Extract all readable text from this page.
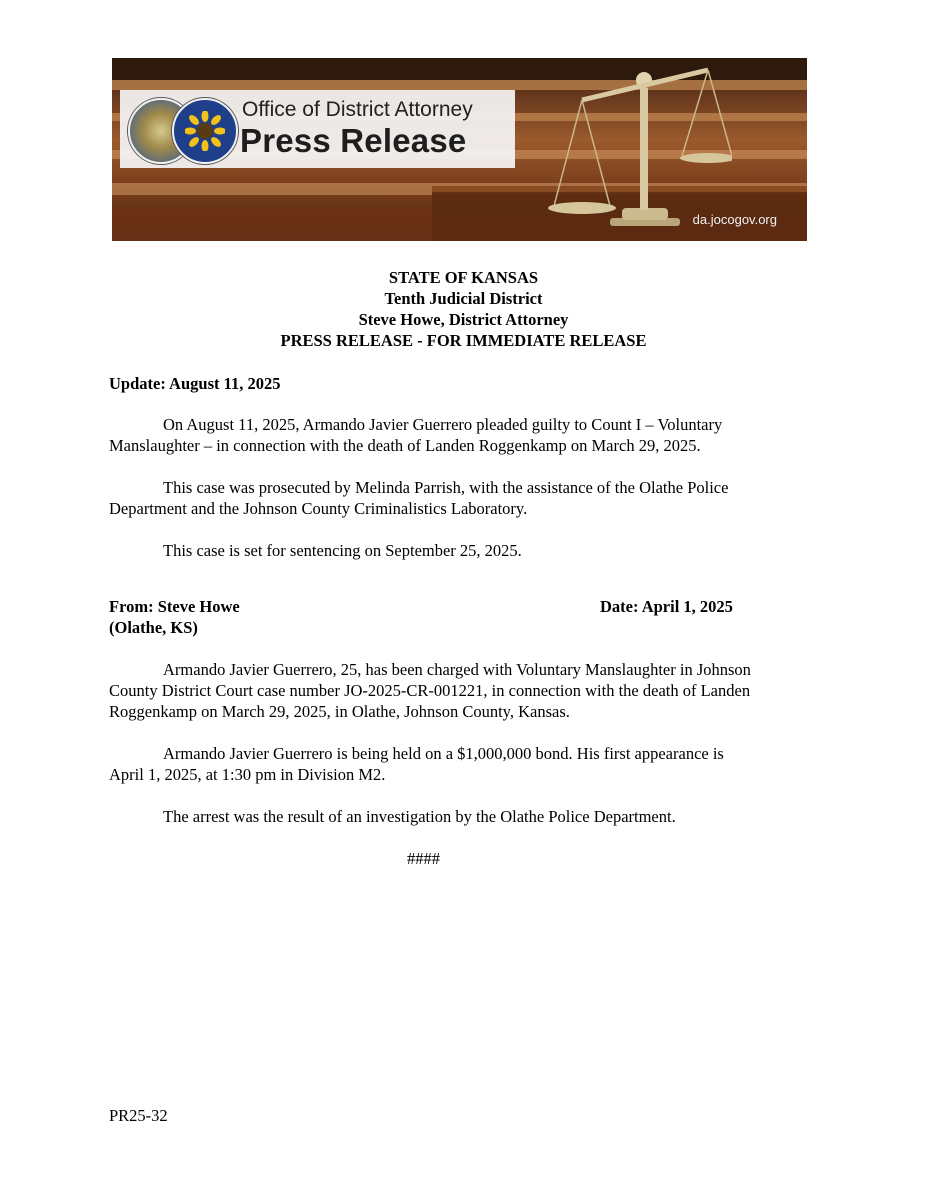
Office of District Attorney
Press Release
da.jocogov.org
STATE OF KANSAS
Tenth Judicial District
Steve Howe, District Attorney
PRESS RELEASE - FOR IMMEDIATE RELEASE
Update: August 11, 2025
On August 11, 2025, Armando Javier Guerrero pleaded guilty to Count I – Voluntary
Manslaughter – in connection with the death of Landen Roggenkamp on March 29, 2025.
This case was prosecuted by Melinda Parrish, with the assistance of the Olathe Police
Department and the Johnson County Criminalistics Laboratory.
This case is set for sentencing on September 25, 2025.
From: Steve Howe	Date: April 1, 2025
(Olathe, KS)
Armando Javier Guerrero, 25, has been charged with Voluntary Manslaughter in Johnson
County District Court case number JO-2025-CR-001221, in connection with the death of Landen
Roggenkamp on March 29, 2025, in Olathe, Johnson County, Kansas.
Armando Javier Guerrero is being held on a $1,000,000 bond. His first appearance is
April 1, 2025, at 1:30 pm in Division M2.
The arrest was the result of an investigation by the Olathe Police Department.
####
PR25-32
